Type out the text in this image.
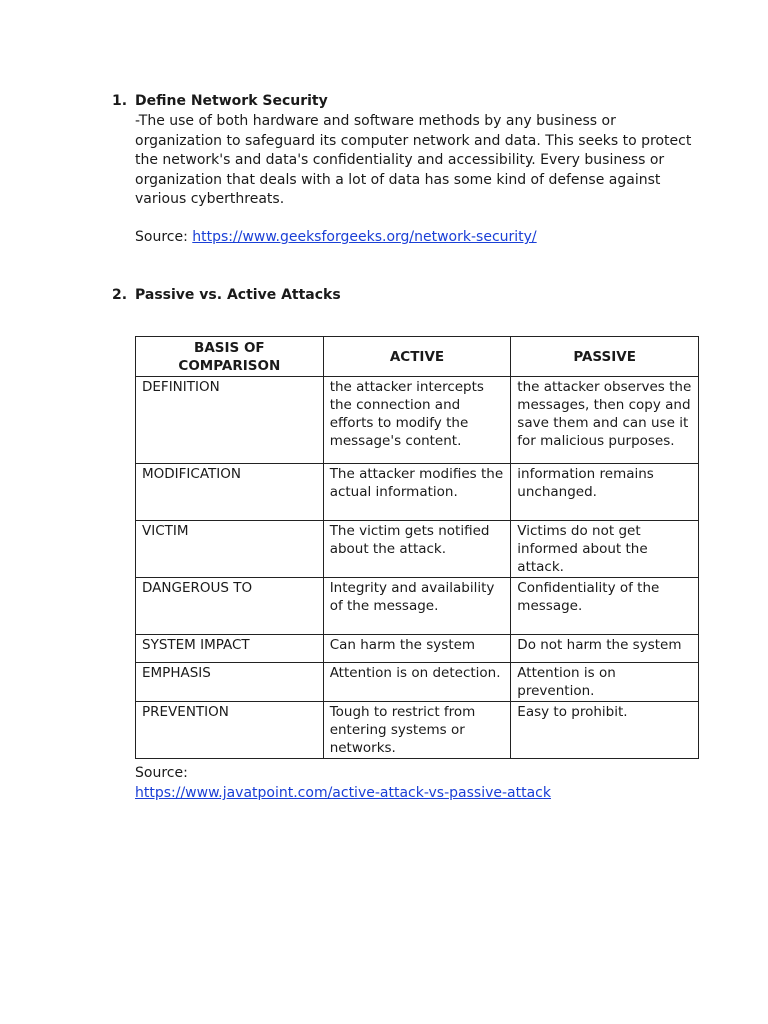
1. Define Network Security
-The use of both hardware and software methods by any business or organization to safeguard its computer network and data. This seeks to protect the network's and data's confidentiality and accessibility. Every business or organization that deals with a lot of data has some kind of defense against various cyberthreats.
Source: https://www.geeksforgeeks.org/network-security/
2. Passive vs. Active Attacks
BASIS OF COMPARISON	ACTIVE	PASSIVE
DEFINITION	the attacker intercepts the connection and efforts to modify the message's content.	the attacker observes the messages, then copy and save them and can use it for malicious purposes.
MODIFICATION	The attacker modifies the actual information.	information remains unchanged.
VICTIM	The victim gets notified about the attack.	Victims do not get informed about the attack.
DANGEROUS TO	Integrity and availability of the message.	Confidentiality of the message.
SYSTEM IMPACT	Can harm the system	Do not harm the system
EMPHASIS	Attention is on detection.	Attention is on prevention.
PREVENTION	Tough to restrict from entering systems or networks.	Easy to prohibit.
Source:
https://www.javatpoint.com/active-attack-vs-passive-attack
